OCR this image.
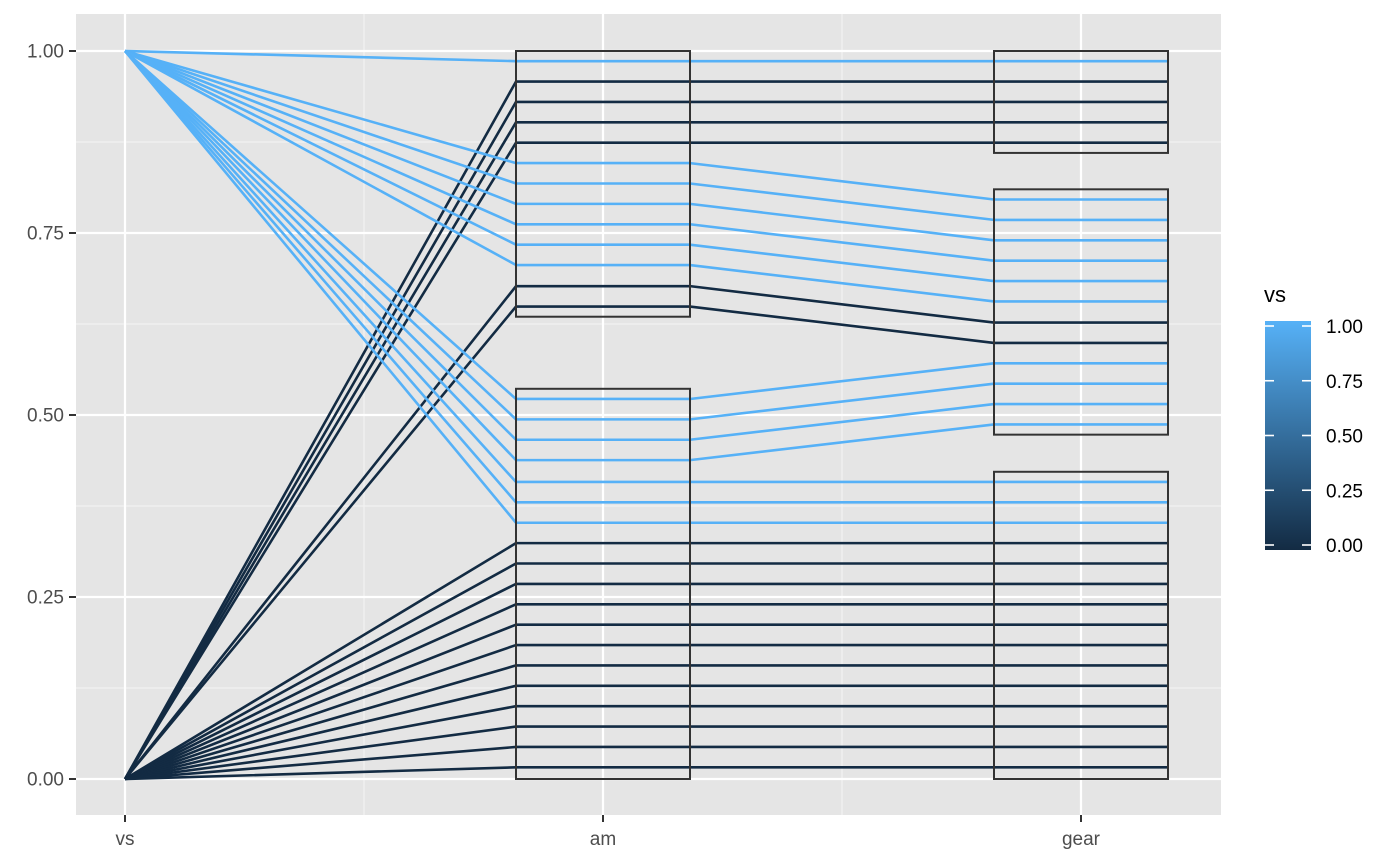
0.00
0.25
0.50
0.75
1.00
vs	am	gear
vs
0.00
0.25
0.50
0.75
1.00
